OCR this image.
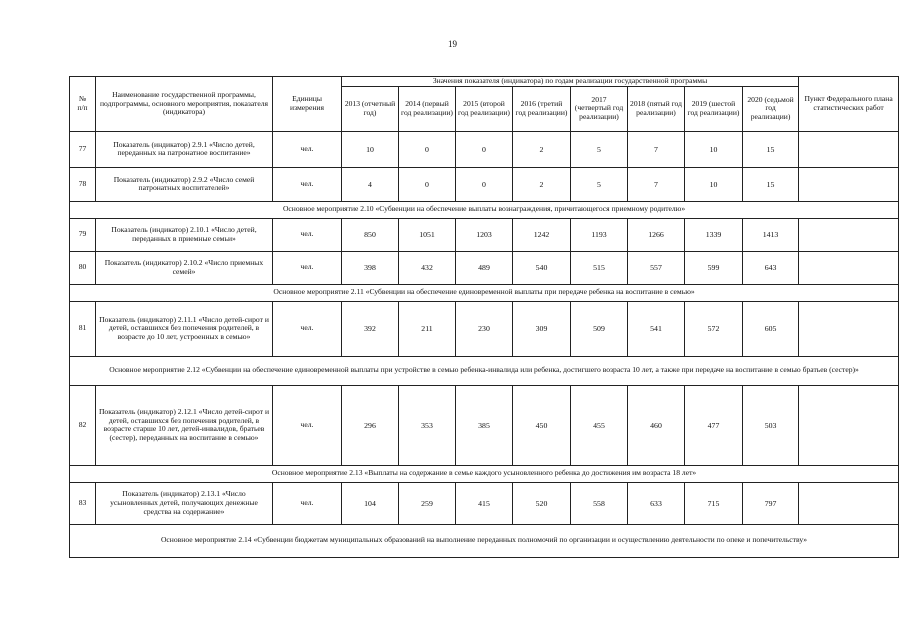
19
№
п/п	Наименование государственной программы, подпрограммы, основного мероприятия, показателя (индикатора)	Единицы измерения	Значения показателя (индикатора) по годам реализации государственной программы								Пункт Федерального плана статистических работ
			2013 (отчетный год)	2014 (первый год реализации)	2015 (второй год реализации)	2016 (третий год реализации)	2017 (четвертый год реализации)	2018 (пятый год реализации)	2019 (шестой год реализации)	2020 (седьмой год реализации)	
77	Показатель (индикатор) 2.9.1 «Число детей, переданных на патронатное воспитание»	чел.	10	0	0	2	5	7	10	15	
78	Показатель (индикатор) 2.9.2 «Число семей патронатных воспитателей»	чел.	4	0	0	2	5	7	10	15	
Основное мероприятие 2.10 «Субвенции на обеспечение выплаты вознаграждения, причитающегося приемному родителю»											
79	Показатель (индикатор) 2.10.1 «Число детей, переданных в приемные семьи»	чел.	850	1051	1203	1242	1193	1266	1339	1413	
80	Показатель (индикатор) 2.10.2 «Число приемных семей»	чел.	398	432	489	540	515	557	599	643	
Основное мероприятие 2.11 «Субвенции на обеспечение единовременной выплаты при передаче ребенка на воспитание в семью»											
81	Показатель (индикатор) 2.11.1 «Число детей-сирот и детей, оставшихся без попечения родителей, в возрасте до 10 лет, устроенных в семью»	чел.	392	211	230	309	509	541	572	605	
Основное мероприятие 2.12 «Субвенции на обеспечение единовременной выплаты при устройстве в семью ребенка-инвалида или ребенка, достигшего возраста 10 лет, а также при передаче на воспитание в семью братьев (сестер)»											
82	Показатель (индикатор) 2.12.1 «Число детей-сирот и детей, оставшихся без попечения родителей, в возрасте старше 10 лет, детей-инвалидов, братьев (сестер), переданных на воспитание в семью»	чел.	296	353	385	450	455	460	477	503	
Основное мероприятие 2.13 «Выплаты на содержание в семье каждого усыновленного ребенка до достижения им возраста 18 лет»											
83	Показатель (индикатор) 2.13.1 «Число усыновленных детей, получающих денежные средства на содержание»	чел.	104	259	415	520	558	633	715	797	
Основное мероприятие 2.14 «Субвенции бюджетам муниципальных образований на выполнение переданных полномочий по организации и осуществлению деятельности по опеке и попечительству»											
